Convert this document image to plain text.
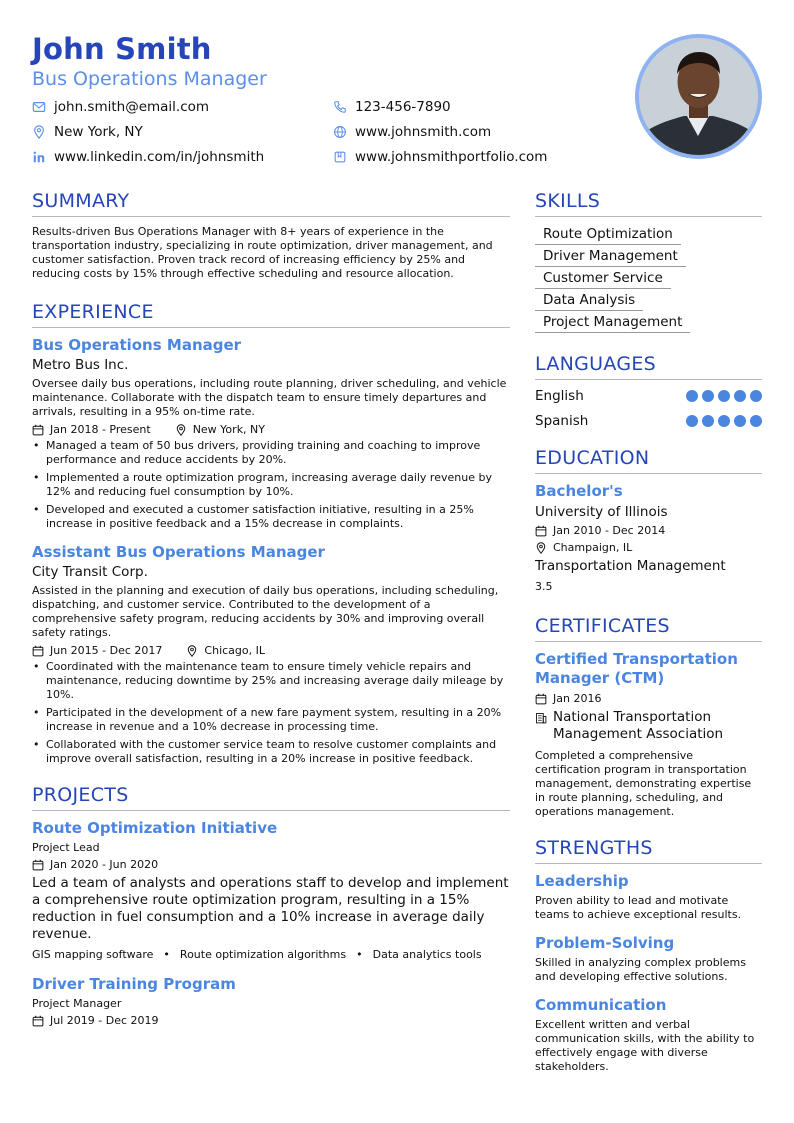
John Smith
Bus Operations Manager
john.smith@email.com
New York, NY
www.linkedin.com/in/johnsmith
123-456-7890
www.johnsmith.com
www.johnsmithportfolio.com
SUMMARY
Results-driven Bus Operations Manager with 8+ years of experience in the transportation industry, specializing in route optimization, driver management, and customer satisfaction. Proven track record of increasing efficiency by 25% and reducing costs by 15% through effective scheduling and resource allocation.
EXPERIENCE
Bus Operations Manager
Metro Bus Inc.
Oversee daily bus operations, including route planning, driver scheduling, and vehicle maintenance. Collaborate with the dispatch team to ensure timely departures and arrivals, resulting in a 95% on-time rate.
Jan 2018 - Present	New York, NY
• Managed a team of 50 bus drivers, providing training and coaching to improve performance and reduce accidents by 20%.
• Implemented a route optimization program, increasing average daily revenue by 12% and reducing fuel consumption by 10%.
• Developed and executed a customer satisfaction initiative, resulting in a 25% increase in positive feedback and a 15% decrease in complaints.
Assistant Bus Operations Manager
City Transit Corp.
Assisted in the planning and execution of daily bus operations, including scheduling, dispatching, and customer service. Contributed to the development of a comprehensive safety program, reducing accidents by 30% and improving overall safety ratings.
Jun 2015 - Dec 2017	Chicago, IL
• Coordinated with the maintenance team to ensure timely vehicle repairs and maintenance, reducing downtime by 25% and increasing average daily mileage by 10%.
• Participated in the development of a new fare payment system, resulting in a 20% increase in revenue and a 10% decrease in processing time.
• Collaborated with the customer service team to resolve customer complaints and improve overall satisfaction, resulting in a 20% increase in positive feedback.
PROJECTS
Route Optimization Initiative
Project Lead
Jan 2020 - Jun 2020
Led a team of analysts and operations staff to develop and implement a comprehensive route optimization program, resulting in a 15% reduction in fuel consumption and a 10% increase in average daily revenue.
GIS mapping software • Route optimization algorithms • Data analytics tools
Driver Training Program
Project Manager
Jul 2019 - Dec 2019
SKILLS
Route Optimization
Driver Management
Customer Service
Data Analysis
Project Management
LANGUAGES
English
Spanish
EDUCATION
Bachelor's
University of Illinois
Jan 2010 - Dec 2014
Champaign, IL
Transportation Management
3.5
CERTIFICATES
Certified Transportation Manager (CTM)
Jan 2016
National Transportation Management Association
Completed a comprehensive certification program in transportation management, demonstrating expertise in route planning, scheduling, and operations management.
STRENGTHS
Leadership
Proven ability to lead and motivate teams to achieve exceptional results.
Problem-Solving
Skilled in analyzing complex problems and developing effective solutions.
Communication
Excellent written and verbal communication skills, with the ability to effectively engage with diverse stakeholders.
